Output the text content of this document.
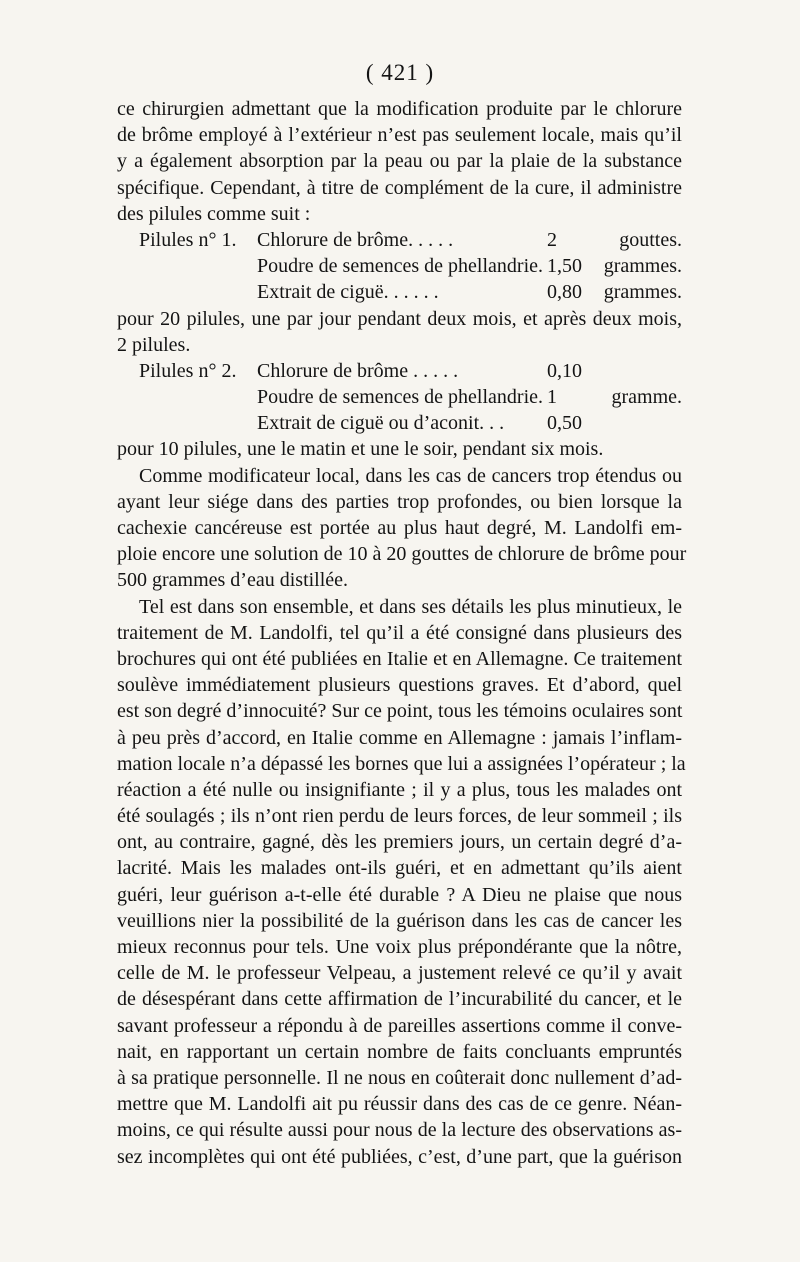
( 421 )
ce chirurgien admettant que la modification produite par le chlorure
de brôme employé à l’extérieur n’est pas seulement locale, mais qu’il
y a également absorption par la peau ou par la plaie de la substance
spécifique. Cependant, à titre de complément de la cure, il administre
des pilules comme suit :
Pilules n° 1.	Chlorure de brôme. . . . .	2	gouttes.
Poudre de semences de phellandrie. 1,50	grammes.
Extrait de ciguë. . . . . .	0,80	grammes.
pour 20 pilules, une par jour pendant deux mois, et après deux mois,
2 pilules.
Pilules n° 2.	Chlorure de brôme . . . . .	0,10
Poudre de semences de phellandrie. 1	gramme.
Extrait de ciguë ou d’aconit. . .	0,50
pour 10 pilules, une le matin et une le soir, pendant six mois.
Comme modificateur local, dans les cas de cancers trop étendus ou
ayant leur siége dans des parties trop profondes, ou bien lorsque la
cachexie cancéreuse est portée au plus haut degré, M. Landolfi em-
ploie encore une solution de 10 à 20 gouttes de chlorure de brôme pour
500 grammes d’eau distillée.
Tel est dans son ensemble, et dans ses détails les plus minutieux, le
traitement de M. Landolfi, tel qu’il a été consigné dans plusieurs des
brochures qui ont été publiées en Italie et en Allemagne. Ce traitement
soulève immédiatement plusieurs questions graves. Et d’abord, quel
est son degré d’innocuité? Sur ce point, tous les témoins oculaires sont
à peu près d’accord, en Italie comme en Allemagne : jamais l’inflam-
mation locale n’a dépassé les bornes que lui a assignées l’opérateur ; la
réaction a été nulle ou insignifiante ; il y a plus, tous les malades ont
été soulagés ; ils n’ont rien perdu de leurs forces, de leur sommeil ; ils
ont, au contraire, gagné, dès les premiers jours, un certain degré d’a-
lacrité. Mais les malades ont-ils guéri, et en admettant qu’ils aient
guéri, leur guérison a-t-elle été durable ? A Dieu ne plaise que nous
veuillions nier la possibilité de la guérison dans les cas de cancer les
mieux reconnus pour tels. Une voix plus prépondérante que la nôtre,
celle de M. le professeur Velpeau, a justement relevé ce qu’il y avait
de désespérant dans cette affirmation de l’incurabilité du cancer, et le
savant professeur a répondu à de pareilles assertions comme il conve-
nait, en rapportant un certain nombre de faits concluants empruntés
à sa pratique personnelle. Il ne nous en coûterait donc nullement d’ad-
mettre que M. Landolfi ait pu réussir dans des cas de ce genre. Néan-
moins, ce qui résulte aussi pour nous de la lecture des observations as-
sez incomplètes qui ont été publiées, c’est, d’une part, que la guérison
